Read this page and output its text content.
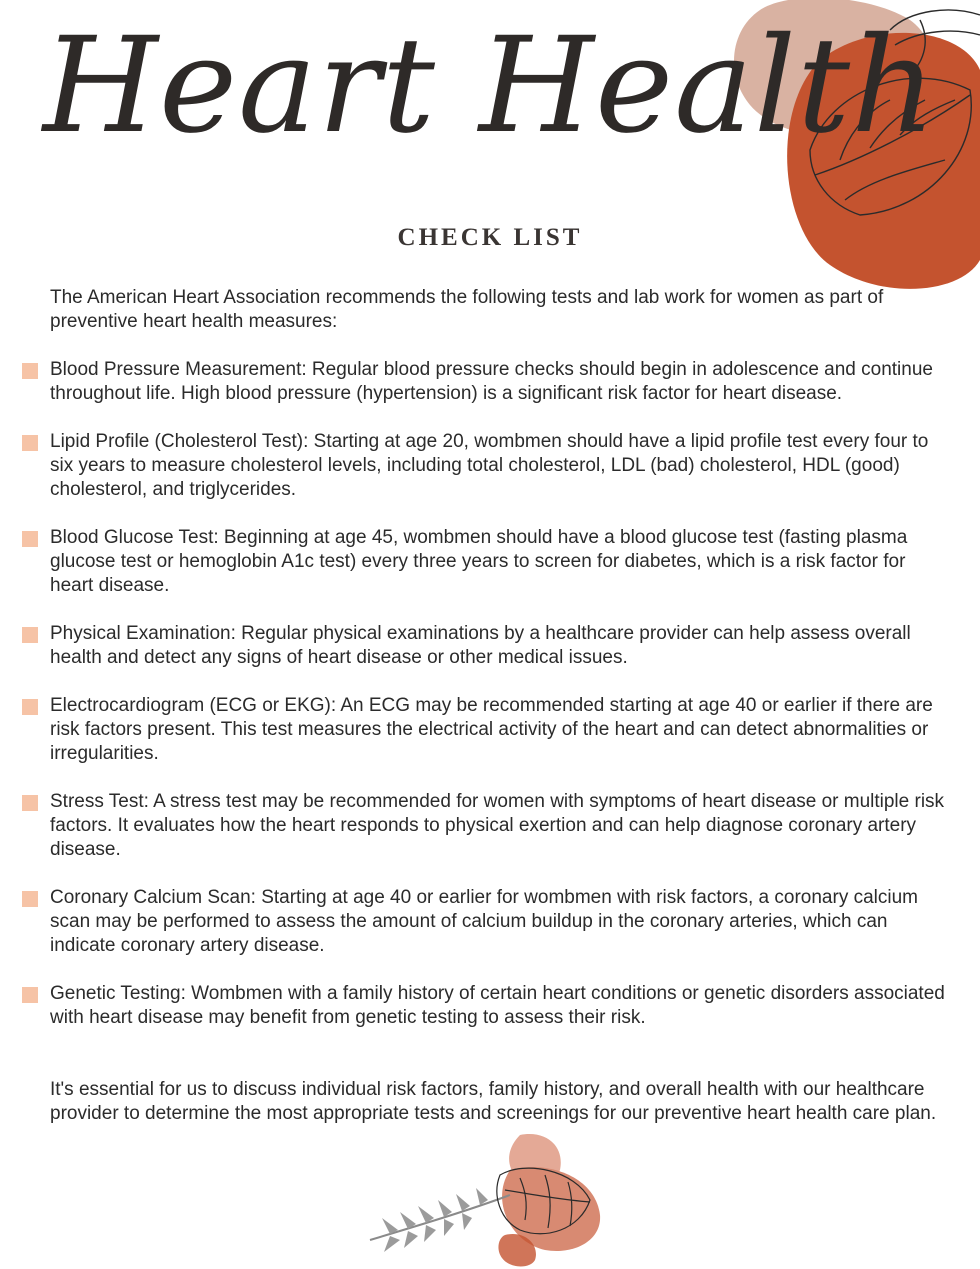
Heart Health
CHECK LIST

The American Heart Association recommends the following tests and lab work for women as part of preventive heart health measures:

Blood Pressure Measurement: Regular blood pressure checks should begin in adolescence and continue throughout life. High blood pressure (hypertension) is a significant risk factor for heart disease.
Lipid Profile (Cholesterol Test): Starting at age 20, wombmen should have a lipid profile test every four to six years to measure cholesterol levels, including total cholesterol, LDL (bad) cholesterol, HDL (good) cholesterol, and triglycerides.
Blood Glucose Test: Beginning at age 45, wombmen should have a blood glucose test (fasting plasma glucose test or hemoglobin A1c test) every three years to screen for diabetes, which is a risk factor for heart disease.
Physical Examination: Regular physical examinations by a healthcare provider can help assess overall health and detect any signs of heart disease or other medical issues.
Electrocardiogram (ECG or EKG): An ECG may be recommended starting at age 40 or earlier if there are risk factors present. This test measures the electrical activity of the heart and can detect abnormalities or irregularities.
Stress Test: A stress test may be recommended for women with symptoms of heart disease or multiple risk factors. It evaluates how the heart responds to physical exertion and can help diagnose coronary artery disease.
Coronary Calcium Scan: Starting at age 40 or earlier for wombmen with risk factors, a coronary calcium scan may be performed to assess the amount of calcium buildup in the coronary arteries, which can indicate coronary artery disease.
Genetic Testing: Wombmen with a family history of certain heart conditions or genetic disorders associated with heart disease may benefit from genetic testing to assess their risk.

It's essential for us to discuss individual risk factors, family history, and overall health with our healthcare provider to determine the most appropriate tests and screenings for our preventive heart health care plan.
